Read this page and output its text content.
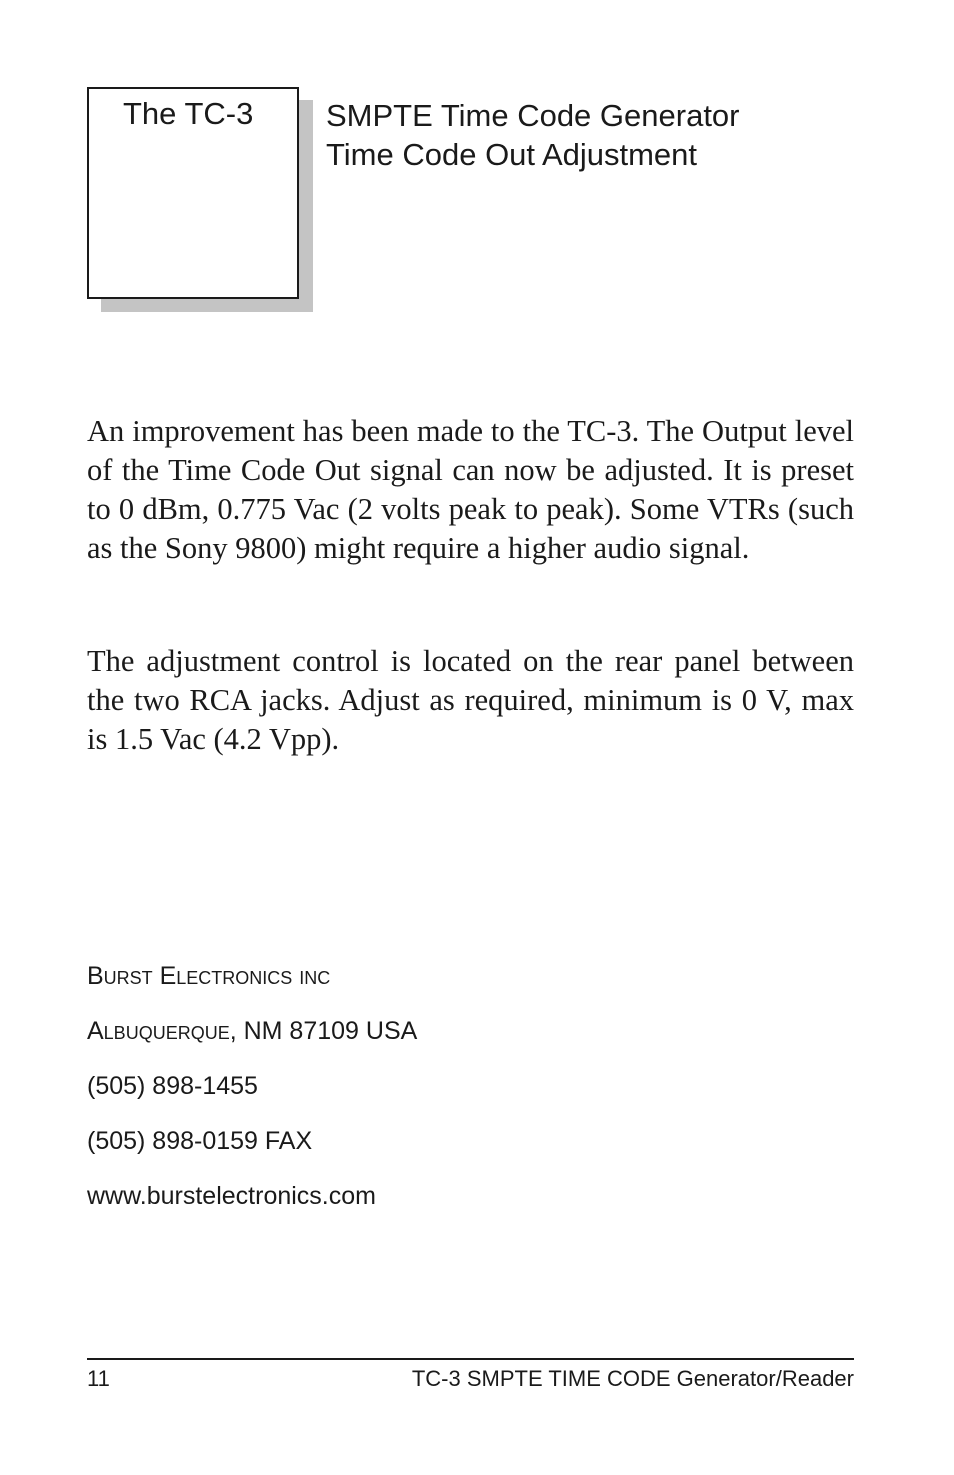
The TC-3 SMPTE Time Code Generator
Time Code Out Adjustment

An improvement has been made to the TC-3. The Output level of the Time Code Out signal can now be adjusted. It is preset to 0 dBm, 0.775 Vac (2 volts peak to peak). Some VTRs (such as the Sony 9800) might require a higher audio signal.

The adjustment control is located on the rear panel between the two RCA jacks. Adjust as required, minimum is 0 V, max is 1.5 Vac (4.2 Vpp).

Burst Electronics inc
Albuquerque, NM 87109 USA
(505) 898-1455
(505) 898-0159 FAX
www.burstelectronics.com
11	TC-3 SMPTE TIME CODE Generator/Reader
